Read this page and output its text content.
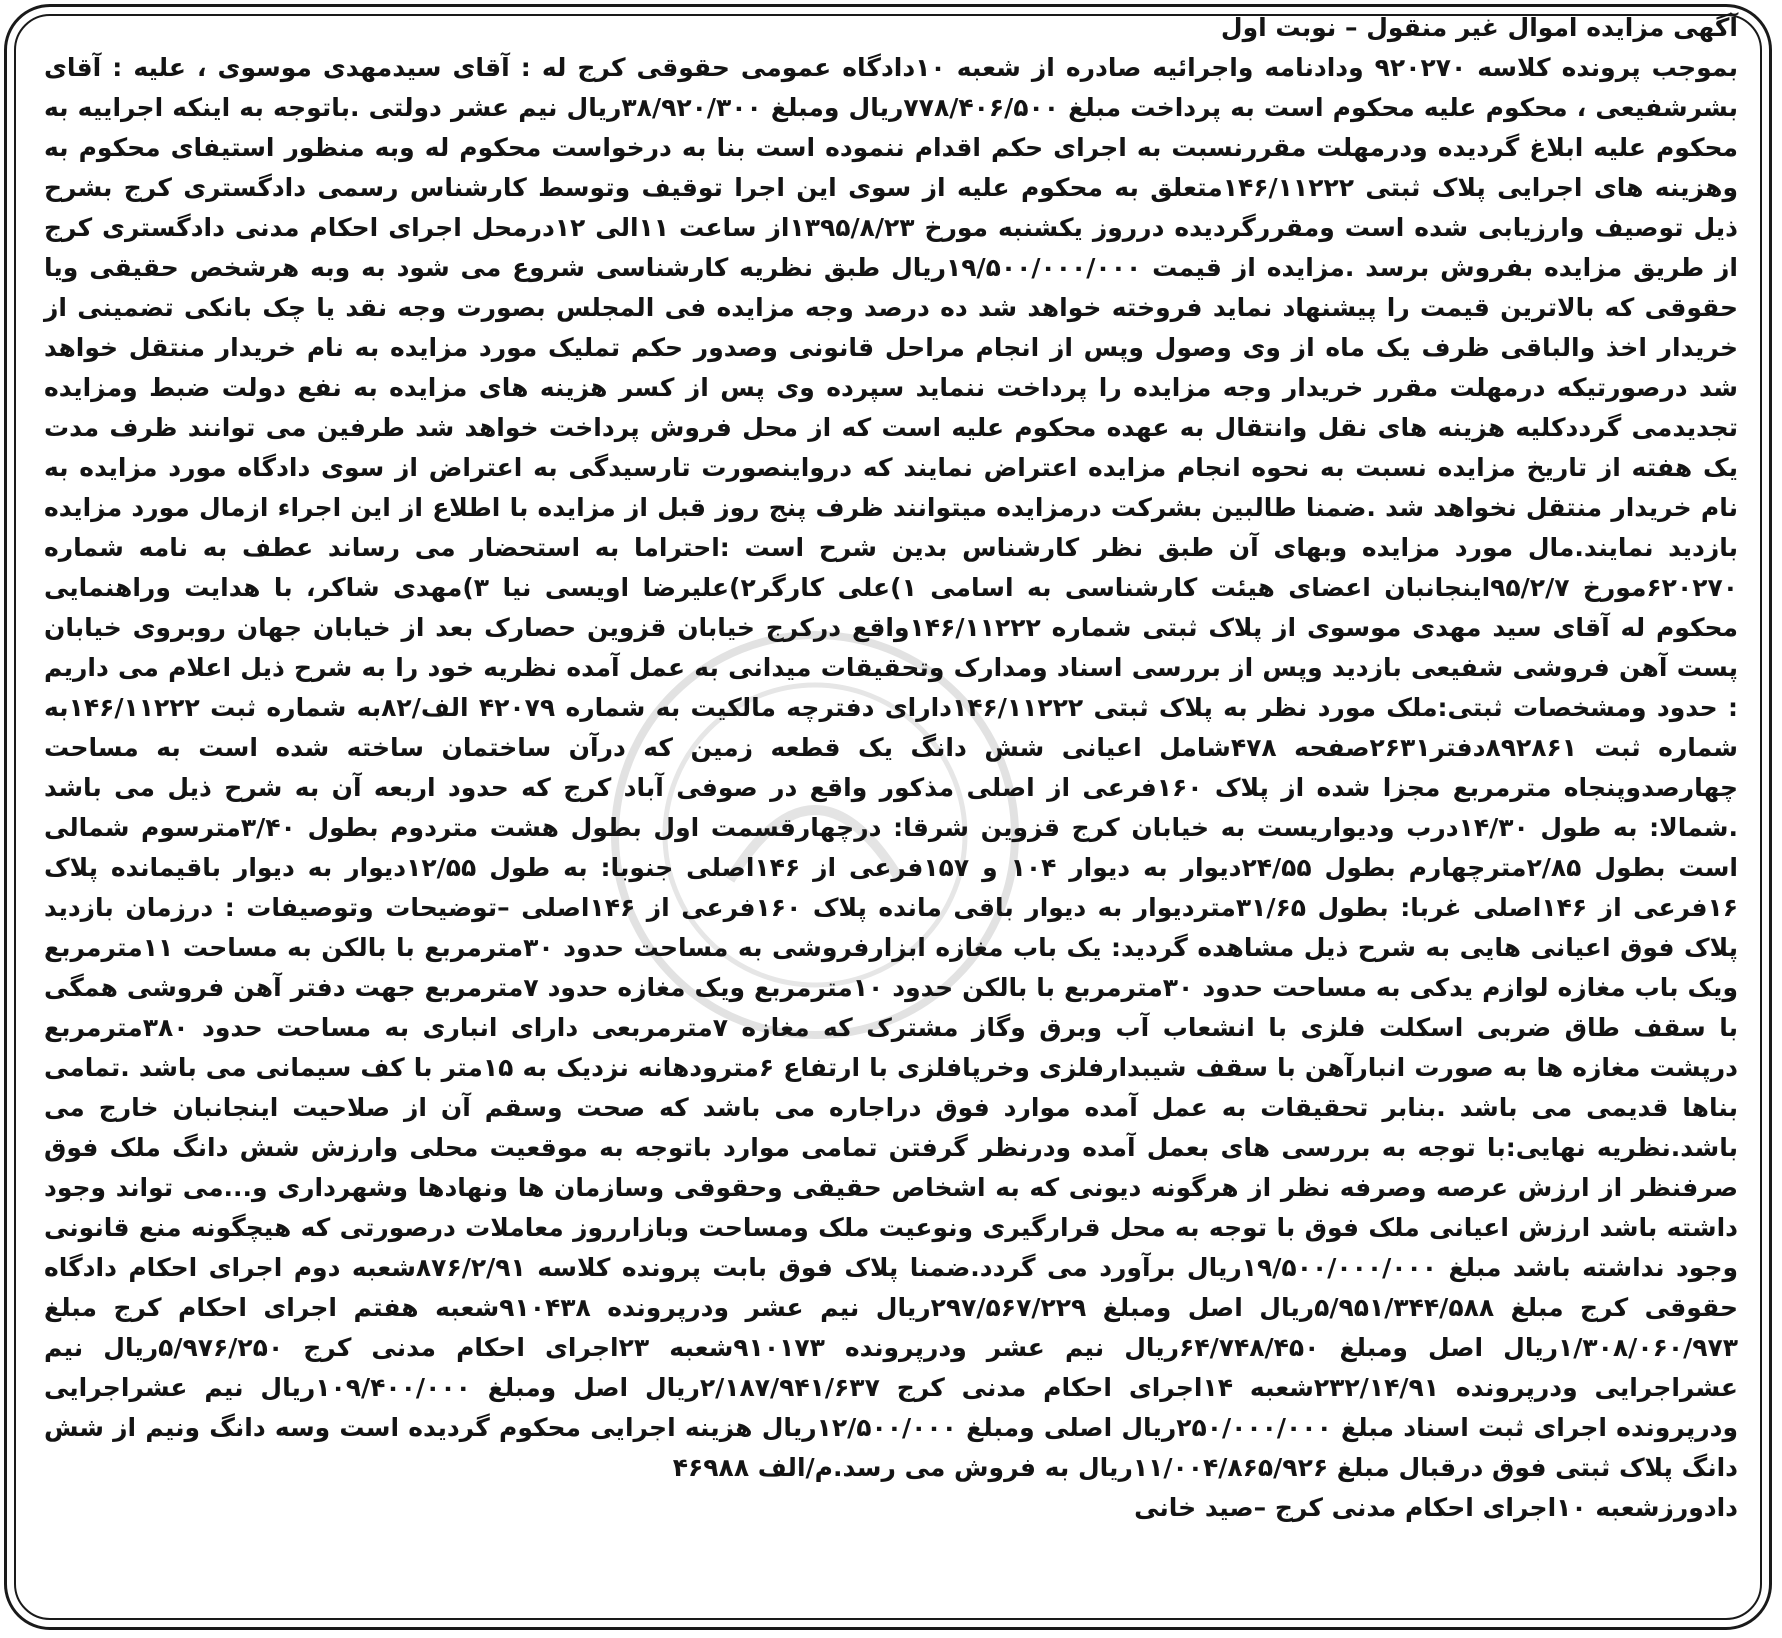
آگهی مزایده اموال غیر منقول – نوبت اول

بموجب پرونده کلاسه ۹۲۰۲۷۰ ودادنامه واجرائیه صادره از شعبه ۱۰دادگاه عمومی حقوقی کرج له : آقای سیدمهدی موسوی ، علیه : آقای بشرشفیعی ، محکوم علیه محکوم است به پرداخت مبلغ ۷۷۸/۴۰۶/۵۰۰ریال ومبلغ ۳۸/۹۲۰/۳۰۰ریال نیم عشر دولتی .باتوجه به اینکه اجراییه به محکوم علیه ابلاغ گردیده ودرمهلت مقررنسبت به اجرای حکم اقدام ننموده است بنا به درخواست محکوم له وبه منظور استیفای محکوم به وهزینه های اجرایی پلاک ثبتی ۱۴۶/۱۱۲۲۲متعلق به محکوم علیه از سوی این اجرا توقیف وتوسط کارشناس رسمی دادگستری کرج بشرح ذیل توصیف وارزیابی شده است ومقررگردیده درروز یکشنبه مورخ ۱۳۹۵/۸/۲۳از ساعت ۱۱الی ۱۲درمحل اجرای احکام مدنی دادگستری کرج از طریق مزایده بفروش برسد .مزایده از قیمت ۱۹/۵۰۰/۰۰۰/۰۰۰ریال طبق نظریه کارشناسی شروع می شود به وبه هرشخص حقیقی ویا حقوقی که بالاترین قیمت را پیشنهاد نماید فروخته خواهد شد ده درصد وجه مزایده فی المجلس بصورت وجه نقد یا چک بانکی تضمینی از خریدار اخذ والباقی ظرف یک ماه از وی وصول وپس از انجام مراحل قانونی وصدور حکم تملیک مورد مزایده به نام خریدار منتقل خواهد شد درصورتیکه درمهلت مقرر خریدار وجه مزایده را پرداخت ننماید سپرده وی پس از کسر هزینه های مزایده به نفع دولت ضبط ومزایده تجدیدمی گرددکلیه هزینه های نقل وانتقال به عهده محکوم علیه است که از محل فروش پرداخت خواهد شد طرفین می توانند ظرف مدت یک هفته از تاریخ مزایده نسبت به نحوه انجام مزایده اعتراض نمایند که درواینصورت تارسیدگی به اعتراض از سوی دادگاه مورد مزایده به نام خریدار منتقل نخواهد شد .ضمنا طالبین بشرکت درمزایده میتوانند ظرف پنج روز قبل از مزایده با اطلاع از این اجراء ازمال مورد مزایده بازدید نمایند.مال مورد مزایده وبهای آن طبق نظر کارشناس بدین شرح است :احتراما به استحضار می رساند عطف به نامه شماره ۶۲۰۲۷۰مورخ ۹۵/۲/۷اینجانبان اعضای هیئت کارشناسی به اسامی ۱)علی کارگر۲)علیرضا اویسی نیا ۳)مهدی شاکر، با هدایت وراهنمایی محکوم له آقای سید مهدی موسوی از پلاک ثبتی شماره ۱۴۶/۱۱۲۲۲واقع درکرج خیابان قزوین حصارک بعد از خیابان جهان روبروی خیابان پست آهن فروشی شفیعی بازدید وپس از بررسی اسناد ومدارک وتحقیقات میدانی به عمل آمده نظریه خود را به شرح ذیل اعلام می داریم : حدود ومشخصات ثبتی:ملک مورد نظر به پلاک ثبتی ۱۴۶/۱۱۲۲۲دارای دفترچه مالکیت به شماره ۴۲۰۷۹ الف/۸۲به شماره ثبت ۱۴۶/۱۱۲۲۲به شماره ثبت ۸۹۲۸۶۱دفتر۲۶۳۱صفحه ۴۷۸شامل اعیانی شش دانگ یک قطعه زمین که درآن ساختمان ساخته شده است به مساحت چهارصدوپنجاه مترمربع مجزا شده از پلاک ۱۶۰فرعی از اصلی مذکور واقع در صوفی آباد کرج که حدود اربعه آن به شرح ذیل می باشد .شمالا: به طول ۱۴/۳۰درب ودیواریست به خیابان کرج قزوین شرقا: درچهارقسمت اول بطول هشت متردوم بطول ۳/۴۰مترسوم شمالی است بطول ۲/۸۵مترچهارم بطول ۲۴/۵۵دیوار به دیوار ۱۰۴ و ۱۵۷فرعی از ۱۴۶اصلی جنوبا: به طول ۱۲/۵۵دیوار به دیوار باقیمانده پلاک ۱۶فرعی از ۱۴۶اصلی غربا: بطول ۳۱/۶۵متردیوار به دیوار باقی مانده پلاک ۱۶۰فرعی از ۱۴۶اصلی –توضیحات وتوصیفات : درزمان بازدید پلاک فوق اعیانی هایی به شرح ذیل مشاهده گردید: یک باب مغازه ابزارفروشی به مساحت حدود ۳۰مترمربع با بالکن به مساحت ۱۱مترمربع ویک باب مغازه لوازم یدکی به مساحت حدود ۳۰مترمربع با بالکن حدود ۱۰مترمربع ویک مغازه حدود ۷مترمربع جهت دفتر آهن فروشی همگی با سقف طاق ضربی اسکلت فلزی با انشعاب آب وبرق وگاز مشترک که مغازه ۷مترمربعی دارای انباری به مساحت حدود ۳۸۰مترمربع درپشت مغازه ها به صورت انبارآهن با سقف شیبدارفلزی وخرپافلزی با ارتفاع ۶مترودهانه نزدیک به ۱۵متر با کف سیمانی می باشد .تمامی بناها قدیمی می باشد .بنابر تحقیقات به عمل آمده موارد فوق دراجاره می باشد که صحت وسقم آن از صلاحیت اینجانبان خارج می باشد.نظریه نهایی:با توجه به بررسی های بعمل آمده ودرنظر گرفتن تمامی موارد باتوجه به موقعیت محلی وارزش شش دانگ ملک فوق صرفنظر از ارزش عرصه وصرفه نظر از هرگونه دیونی که به اشخاص حقیقی وحقوقی وسازمان ها ونهادها وشهرداری و...می تواند وجود داشته باشد ارزش اعیانی ملک فوق با توجه به محل قرارگیری ونوعیت ملک ومساحت وبازارروز معاملات درصورتی که هیچگونه منع قانونی وجود نداشته باشد مبلغ ۱۹/۵۰۰/۰۰۰/۰۰۰ریال برآورد می گردد.ضمنا پلاک فوق بابت پرونده کلاسه ۸۷۶/۲/۹۱شعبه دوم اجرای احکام دادگاه حقوقی کرج مبلغ ۵/۹۵۱/۳۴۴/۵۸۸ریال اصل ومبلغ ۲۹۷/۵۶۷/۲۲۹ریال نیم عشر ودرپرونده ۹۱۰۴۳۸شعبه هفتم اجرای احکام کرج مبلغ ۱/۳۰۸/۰۶۰/۹۷۳ریال اصل ومبلغ ۶۴/۷۴۸/۴۵۰ریال نیم عشر ودرپرونده ۹۱۰۱۷۳شعبه ۲۳اجرای احکام مدنی کرج ۵/۹۷۶/۲۵۰ریال نیم عشراجرایی ودرپرونده ۲۳۲/۱۴/۹۱شعبه ۱۴اجرای احکام مدنی کرج ۲/۱۸۷/۹۴۱/۶۳۷ریال اصل ومبلغ ۱۰۹/۴۰۰/۰۰۰ریال نیم عشراجرایی ودرپرونده اجرای ثبت اسناد مبلغ ۲۵۰/۰۰۰/۰۰۰ریال اصلی ومبلغ ۱۲/۵۰۰/۰۰۰ریال هزینه اجرایی محکوم گردیده است وسه دانگ ونیم از شش دانگ پلاک ثبتی فوق درقبال مبلغ ۱۱/۰۰۴/۸۶۵/۹۲۶ریال به فروش می رسد.م/الف ۴۶۹۸۸

دادورزشعبه ۱۰اجرای احکام مدنی کرج –صید خانی
